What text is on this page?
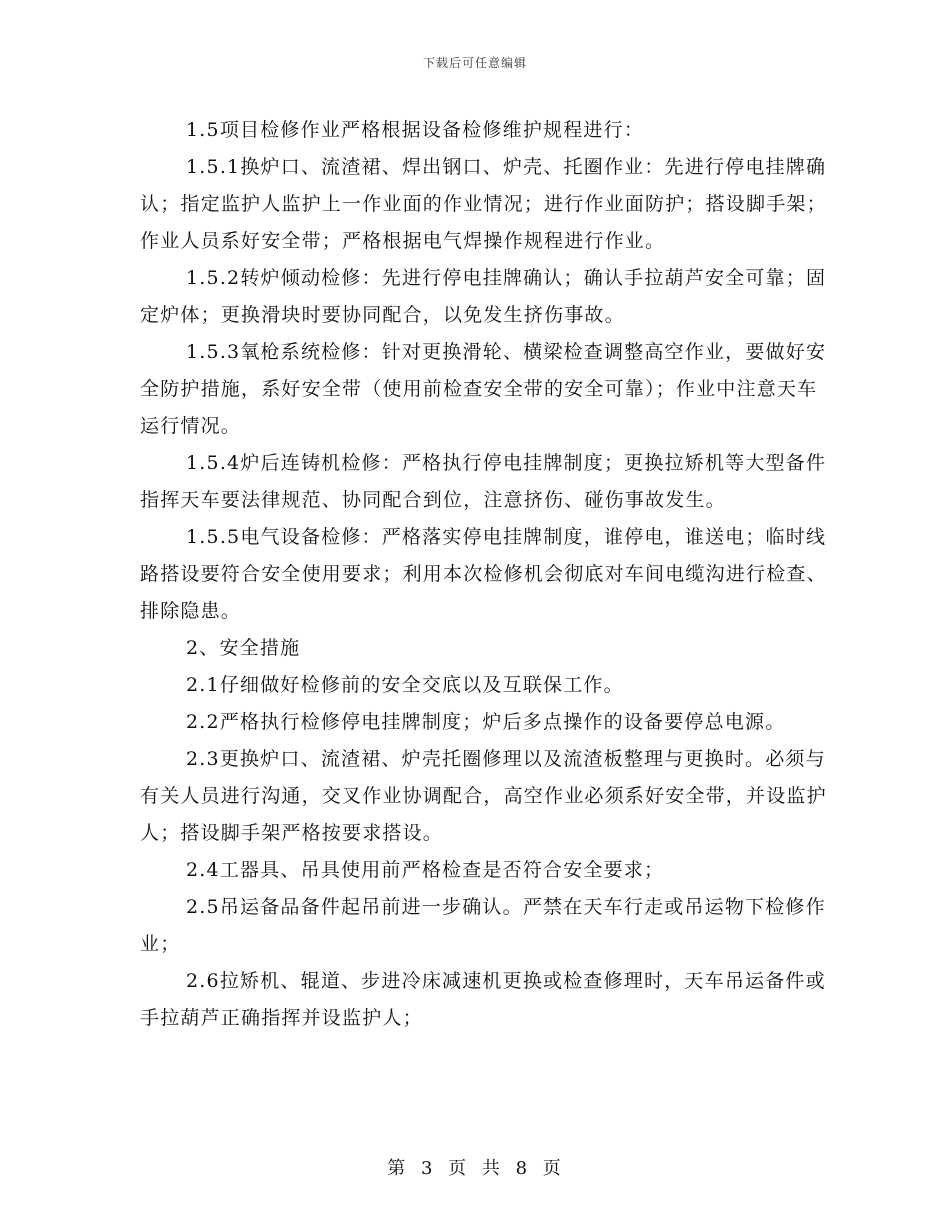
下载后可任意编辑

1.5项目检修作业严格根据设备检修维护规程进行：

1.5.1换炉口、流渣裙、焊出钢口、炉壳、托圈作业：先进行停电挂牌确认；指定监护人监护上一作业面的作业情况；进行作业面防护；搭设脚手架；作业人员系好安全带；严格根据电气焊操作规程进行作业。

1.5.2转炉倾动检修：先进行停电挂牌确认；确认手拉葫芦安全可靠；固定炉体；更换滑块时要协同配合，以免发生挤伤事故。

1.5.3氧枪系统检修：针对更换滑轮、横梁检查调整高空作业，要做好安全防护措施，系好安全带（使用前检查安全带的安全可靠）；作业中注意天车运行情况。

1.5.4炉后连铸机检修：严格执行停电挂牌制度；更换拉矫机等大型备件指挥天车要法律规范、协同配合到位，注意挤伤、碰伤事故发生。

1.5.5电气设备检修：严格落实停电挂牌制度，谁停电，谁送电；临时线路搭设要符合安全使用要求；利用本次检修机会彻底对车间电缆沟进行检查、排除隐患。

2、安全措施

2.1仔细做好检修前的安全交底以及互联保工作。

2.2严格执行检修停电挂牌制度；炉后多点操作的设备要停总电源。

2.3更换炉口、流渣裙、炉壳托圈修理以及流渣板整理与更换时。必须与有关人员进行沟通，交叉作业协调配合，高空作业必须系好安全带，并设监护人；搭设脚手架严格按要求搭设。

2.4工器具、吊具使用前严格检查是否符合安全要求；

2.5吊运备品备件起吊前进一步确认。严禁在天车行走或吊运物下检修作业；

2.6拉矫机、辊道、步进冷床减速机更换或检查修理时，天车吊运备件或手拉葫芦正确指挥并设监护人；

第 3 页 共 8 页
